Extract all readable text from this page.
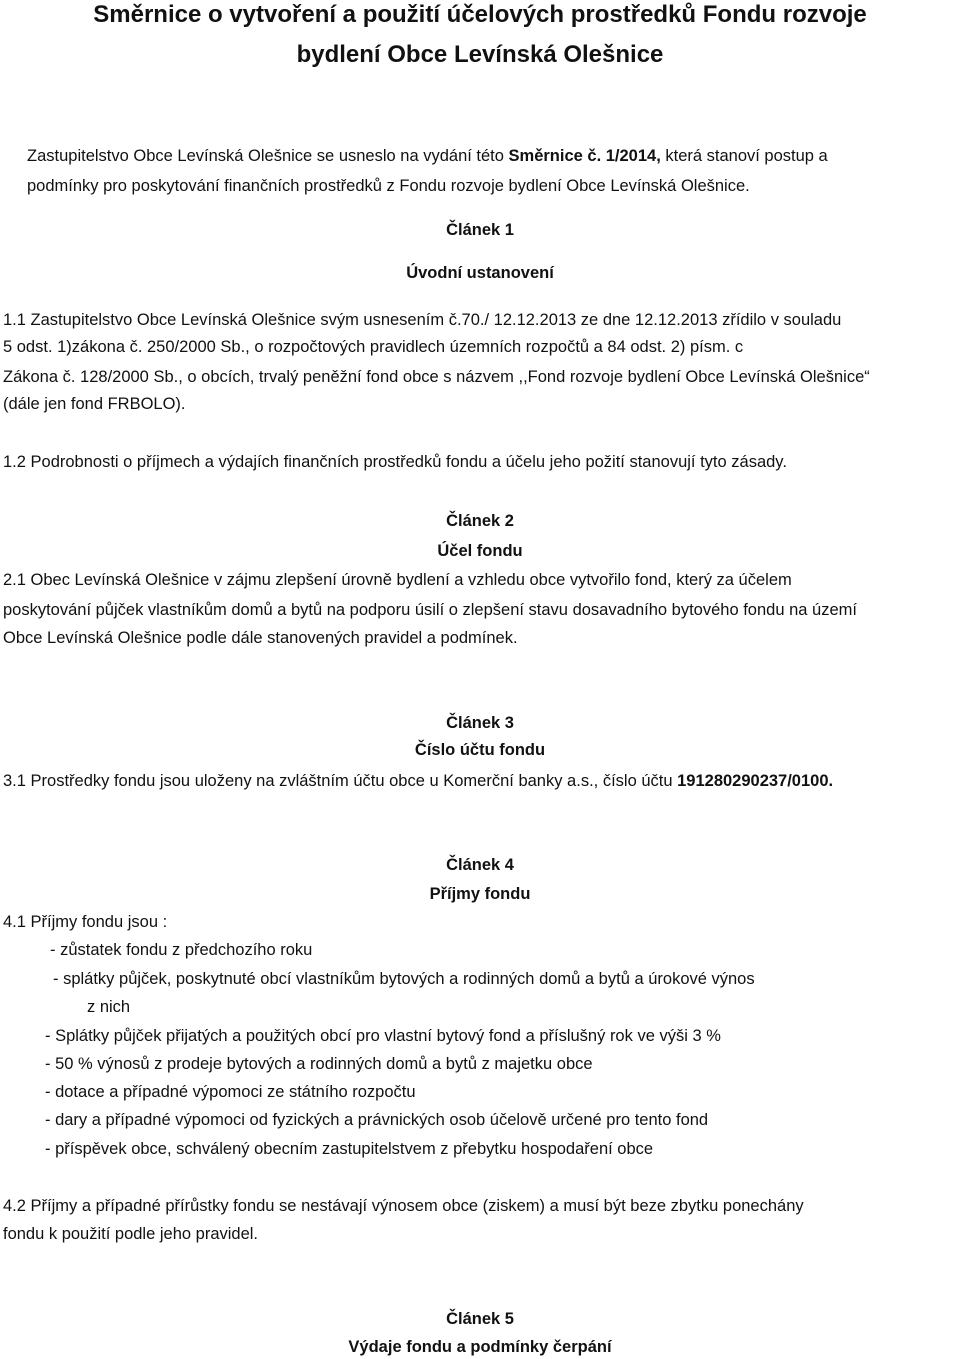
Směrnice o vytvoření a použití účelových prostředků Fondu rozvoje
bydlení Obce Levínská Olešnice

Zastupitelstvo Obce Levínská Olešnice se usneslo na vydání této Směrnice č. 1/2014, která stanoví postup a

podmínky pro poskytování finančních prostředků z Fondu rozvoje bydlení Obce Levínská Olešnice.

Článek 1

Úvodní ustanovení

1.1 Zastupitelstvo Obce Levínská Olešnice svým usnesením č.70./ 12.12.2013 ze dne 12.12.2013 zřídilo v souladu

5 odst. 1)zákona č. 250/2000 Sb., o rozpočtových pravidlech územních rozpočtů a 84 odst. 2) písm. c

Zákona č. 128/2000 Sb., o obcích, trvalý peněžní fond obce s názvem ,,Fond rozvoje bydlení Obce Levínská Olešnice“

(dále jen fond FRBOLO).

1.2 Podrobnosti o příjmech a výdajích finančních prostředků fondu a účelu jeho požití stanovují tyto zásady.

Článek 2

Účel fondu

2.1 Obec Levínská Olešnice v zájmu zlepšení úrovně bydlení a vzhledu obce vytvořilo fond, který za účelem

poskytování půjček vlastníkům domů a bytů na podporu úsilí o zlepšení stavu dosavadního bytového fondu na území

Obce Levínská Olešnice podle dále stanovených pravidel a podmínek.

Článek 3

Číslo účtu fondu

3.1 Prostředky fondu jsou uloženy na zvláštním účtu obce u Komerční banky a.s., číslo účtu 191280290237/0100.

Článek 4

Příjmy fondu

4.1 Příjmy fondu jsou :

- zůstatek fondu z předchozího roku

- splátky půjček, poskytnuté obcí vlastníkům bytových a rodinných domů a bytů a úrokové výnos

z nich

- Splátky půjček přijatých a použitých obcí pro vlastní bytový fond a příslušný rok ve výši 3 %

- 50 % výnosů z prodeje bytových a rodinných domů a bytů z majetku obce

- dotace a případné výpomoci ze státního rozpočtu

- dary a případné výpomoci od fyzických a právnických osob účelově určené pro tento fond

- příspěvek obce, schválený obecním zastupitelstvem z přebytku hospodaření obce

4.2 Příjmy a případné přírůstky fondu se nestávají výnosem obce (ziskem) a musí být beze zbytku ponechány

fondu k použití podle jeho pravidel.

Článek 5

Výdaje fondu a podmínky čerpání
